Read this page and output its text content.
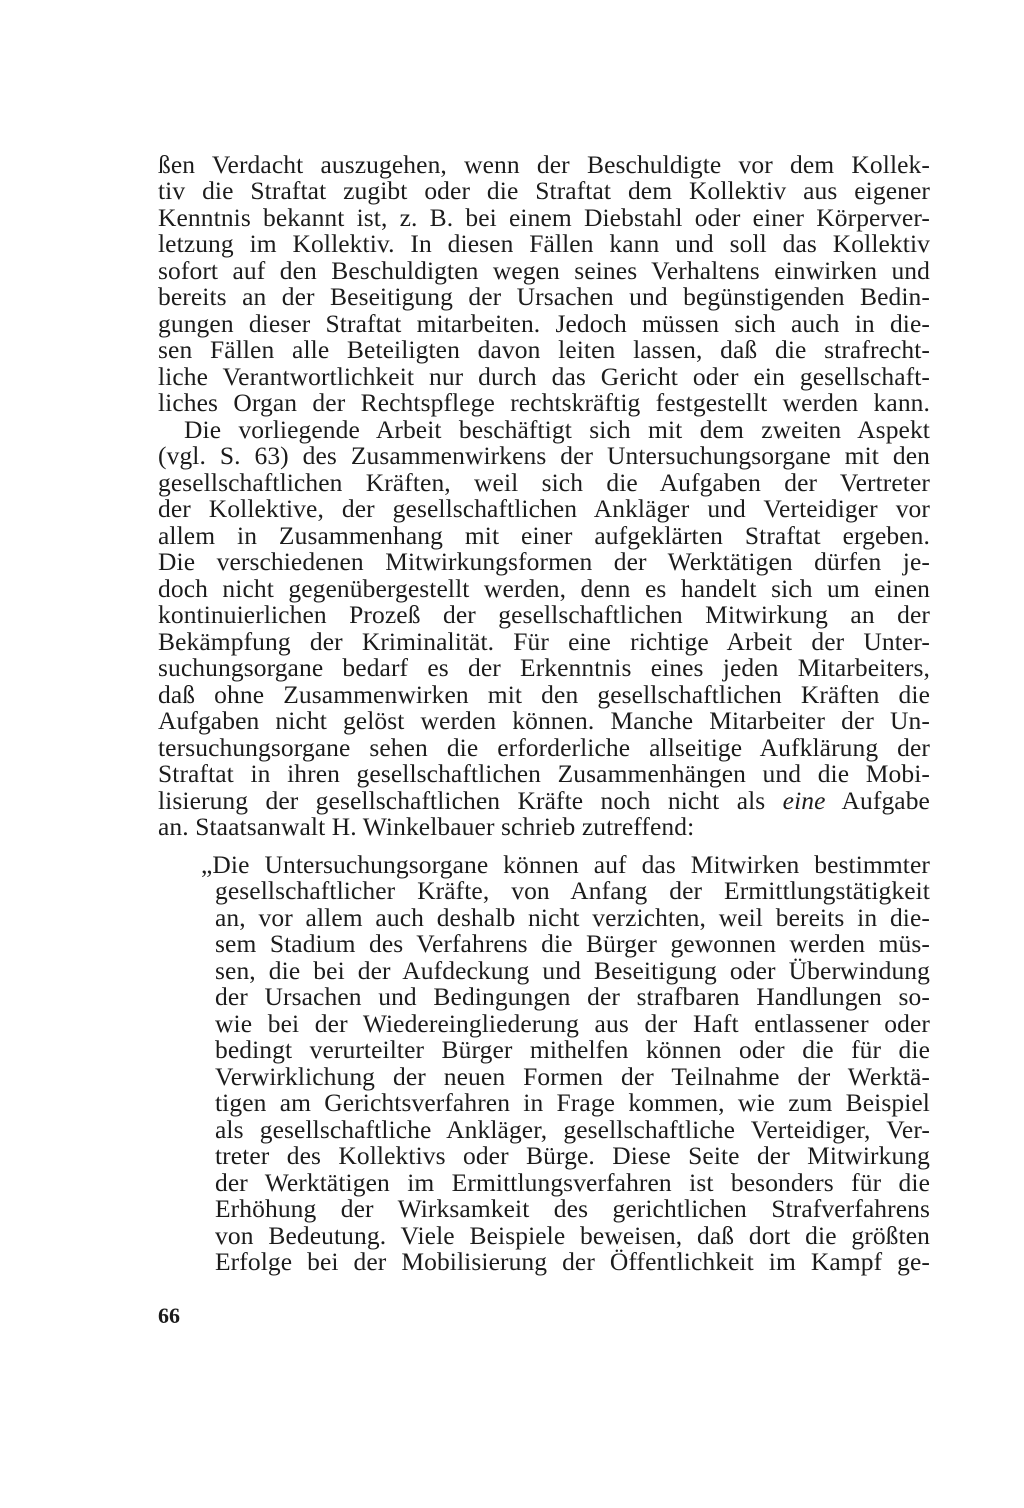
ßen Verdacht auszugehen, wenn der Beschuldigte vor dem Kollek-
tiv die Straftat zugibt oder die Straftat dem Kollektiv aus eigener
Kenntnis bekannt ist, z. B. bei einem Diebstahl oder einer Körperver-
letzung im Kollektiv. In diesen Fällen kann und soll das Kollektiv
sofort auf den Beschuldigten wegen seines Verhaltens einwirken und
bereits an der Beseitigung der Ursachen und begünstigenden Bedin-
gungen dieser Straftat mitarbeiten. Jedoch müssen sich auch in die-
sen Fällen alle Beteiligten davon leiten lassen, daß die strafrecht-
liche Verantwortlichkeit nur durch das Gericht oder ein gesellschaft-
liches Organ der Rechtspflege rechtskräftig festgestellt werden kann.
Die vorliegende Arbeit beschäftigt sich mit dem zweiten Aspekt
(vgl. S. 63) des Zusammenwirkens der Untersuchungsorgane mit den
gesellschaftlichen Kräften, weil sich die Aufgaben der Vertreter
der Kollektive, der gesellschaftlichen Ankläger und Verteidiger vor
allem in Zusammenhang mit einer aufgeklärten Straftat ergeben.
Die verschiedenen Mitwirkungsformen der Werktätigen dürfen je-
doch nicht gegenübergestellt werden, denn es handelt sich um einen
kontinuierlichen Prozeß der gesellschaftlichen Mitwirkung an der
Bekämpfung der Kriminalität. Für eine richtige Arbeit der Unter-
suchungsorgane bedarf es der Erkenntnis eines jeden Mitarbeiters,
daß ohne Zusammenwirken mit den gesellschaftlichen Kräften die
Aufgaben nicht gelöst werden können. Manche Mitarbeiter der Un-
tersuchungsorgane sehen die erforderliche allseitige Aufklärung der
Straftat in ihren gesellschaftlichen Zusammenhängen und die Mobi-
lisierung der gesellschaftlichen Kräfte noch nicht als eine Aufgabe
an. Staatsanwalt H. Winkelbauer schrieb zutreffend:
„Die Untersuchungsorgane können auf das Mitwirken bestimmter
gesellschaftlicher Kräfte, von Anfang der Ermittlungstätigkeit
an, vor allem auch deshalb nicht verzichten, weil bereits in die-
sem Stadium des Verfahrens die Bürger gewonnen werden müs-
sen, die bei der Aufdeckung und Beseitigung oder Überwindung
der Ursachen und Bedingungen der strafbaren Handlungen so-
wie bei der Wiedereingliederung aus der Haft entlassener oder
bedingt verurteilter Bürger mithelfen können oder die für die
Verwirklichung der neuen Formen der Teilnahme der Werktä-
tigen am Gerichtsverfahren in Frage kommen, wie zum Beispiel
als gesellschaftliche Ankläger, gesellschaftliche Verteidiger, Ver-
treter des Kollektivs oder Bürge. Diese Seite der Mitwirkung
der Werktätigen im Ermittlungsverfahren ist besonders für die
Erhöhung der Wirksamkeit des gerichtlichen Strafverfahrens
von Bedeutung. Viele Beispiele beweisen, daß dort die größten
Erfolge bei der Mobilisierung der Öffentlichkeit im Kampf ge-
66
